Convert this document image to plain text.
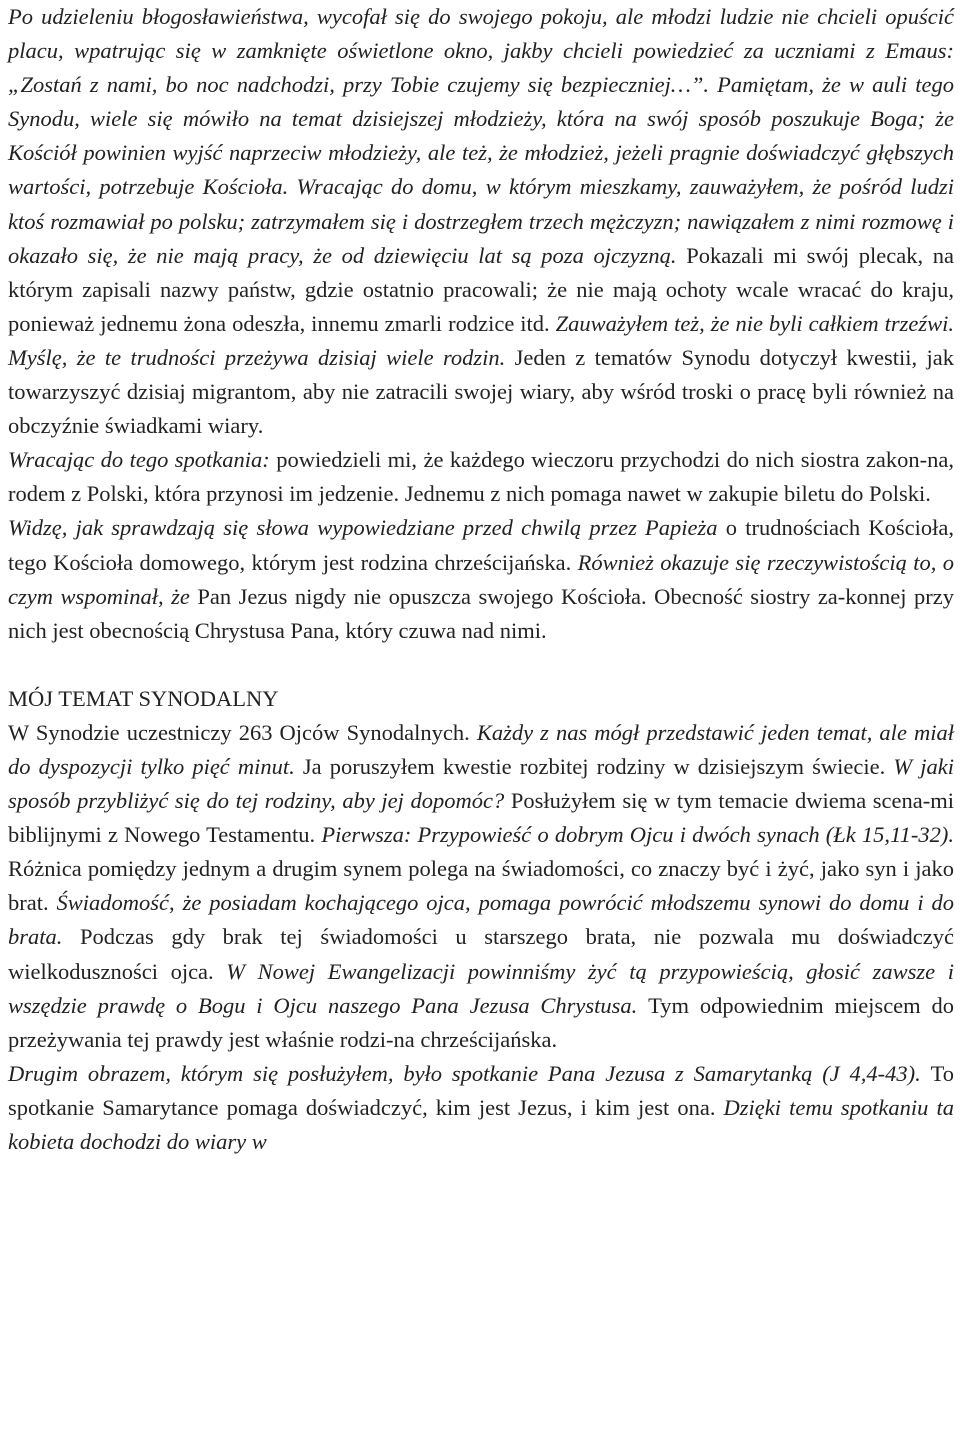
Po udzieleniu błogosławieństwa, wycofał się do swojego pokoju, ale młodzi ludzie nie chcieli opuścić placu, wpatrując się w zamknięte oświetlone okno, jakby chcieli powiedzieć za uczniami z Emaus: „Zostań z nami, bo noc nadchodzi, przy Tobie czujemy się bezpieczniej…”. Pamiętam, że w auli tego Synodu, wiele się mówiło na temat dzisiejszej młodzieży, która na swój sposób poszukuje Boga; że Kościół powinien wyjść naprzeciw młodzieży, ale też, że młodzież, jeżeli pragnie doświadczyć głębszych wartości, potrzebuje Kościoła. Wracając do domu, w którym mieszkamy, zauważyłem, że pośród ludzi ktoś rozmawiał po polsku; zatrzymałem się i dostrzegłem trzech mężczyzn; nawiązałem z nimi rozmowę i okazało się, że nie mają pracy, że od dziewięciu lat są poza ojczyzną. Pokazali mi swój plecak, na którym zapisali nazwy państw, gdzie ostatnio pracowali; że nie mają ochoty wcale wracać do kraju, ponieważ jednemu żona odeszła, innemu zmarli rodzice itd. Zauważyłem też, że nie byli całkiem trzeźwi. Myślę, że te trudności przeżywa dzisiaj wiele rodzin. Jeden z tematów Synodu dotyczył kwestii, jak towarzyszyć dzisiaj migrantom, aby nie zatracili swojej wiary, aby wśród troski o pracę byli również na obczyźnie świadkami wiary.

Wracając do tego spotkania: powiedzieli mi, że każdego wieczoru przychodzi do nich siostra zakon-na, rodem z Polski, która przynosi im jedzenie. Jednemu z nich pomaga nawet w zakupie biletu do Polski.

Widzę, jak sprawdzają się słowa wypowiedziane przed chwilą przez Papieża o trudnościach Kościoła, tego Kościoła domowego, którym jest rodzina chrześcijańska. Również okazuje się rzeczywistością to, o czym wspominał, że Pan Jezus nigdy nie opuszcza swojego Kościoła. Obecność siostry za-konnej przy nich jest obecnością Chrystusa Pana, który czuwa nad nimi.

MÓJ TEMAT SYNODALNY

W Synodzie uczestniczy 263 Ojców Synodalnych. Każdy z nas mógł przedstawić jeden temat, ale miał do dyspozycji tylko pięć minut. Ja poruszyłem kwestie rozbitej rodziny w dzisiejszym świecie. W jaki sposób przybliżyć się do tej rodziny, aby jej dopomóc? Posłużyłem się w tym temacie dwiema scena-mi biblijnymi z Nowego Testamentu. Pierwsza: Przypowieść o dobrym Ojcu i dwóch synach (Łk 15,11-32). Różnica pomiędzy jednym a drugim synem polega na świadomości, co znaczy być i żyć, jako syn i jako brat. Świadomość, że posiadam kochającego ojca, pomaga powrócić młodszemu synowi do domu i do brata. Podczas gdy brak tej świadomości u starszego brata, nie pozwala mu doświadczyć wielkoduszności ojca. W Nowej Ewangelizacji powinniśmy żyć tą przypowieścią, głosić zawsze i wszędzie prawdę o Bogu i Ojcu naszego Pana Jezusa Chrystusa. Tym odpowiednim miejscem do przeżywania tej prawdy jest właśnie rodzi-na chrześcijańska.

Drugim obrazem, którym się posłużyłem, było spotkanie Pana Jezusa z Samarytanką (J 4,4-43). To spotkanie Samarytance pomaga doświadczyć, kim jest Jezus, i kim jest ona. Dzięki temu spotkaniu ta kobieta dochodzi do wiary w
